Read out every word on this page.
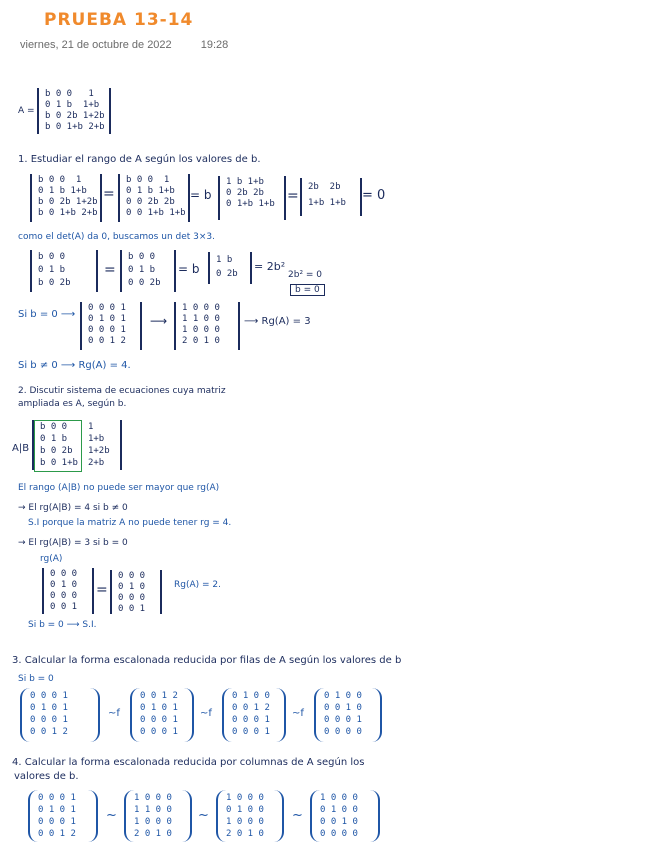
PRUEBA 13-14
viernes, 21 de octubre de 2022	19:28
A =
b 0 0   1
0 1 b  1+b
b 0 2b 1+2b
b 0 1+b 2+b
1. Estudiar el rango de A según los valores de b.
b 0 0  1
0 1 b 1+b
b 0 2b 1+2b
b 0 1+b 2+b
=
b 0 0  1
0 1 b 1+b
0 0 2b 2b
0 0 1+b 1+b
= b
1 b 1+b
0 2b 2b
0 1+b 1+b =
2b  2b
1+b 1+b	= 0
como el det(A) da 0, buscamos un det 3×3.
b 0 0
0 1 b
b 0 2b
=
b 0 0
0 1 b
0 0 2b
= b
1 b
0 2b
= 2b²
2b² = 0
b = 0
Si b = 0 ⟶
0 0 0 1
0 1 0 1
0 0 0 1
0 0 1 2
⟶
1 0 0 0
1 1 0 0
1 0 0 0
2 0 1 0
⟶ Rg(A) = 3
Si b ≠ 0 ⟶ Rg(A) = 4.
2. Discutir sistema de ecuaciones cuya matriz
ampliada es A, según b.
A|B
b 0 0
0 1 b
b 0 2b
b 0 1+b
1
1+b
1+2b
2+b
El rango (A|B) no puede ser mayor que rg(A)
→ El rg(A|B) = 4 si b ≠ 0
S.I porque la matriz A no puede tener rg = 4.
→ El rg(A|B) = 3 si b = 0
rg(A)
0 0 0
0 1 0
0 0 0
0 0 1
=
0 0 0
0 1 0
0 0 0
0 0 1
Rg(A) = 2.
Si b = 0 ⟶ S.I.
3. Calcular la forma escalonada reducida por filas de A según los valores de b
Si b = 0
0 0 0 1
0 1 0 1
0 0 0 1
0 0 1 2
~f
0 0 1 2
0 1 0 1
0 0 0 1
0 0 0 1
~f
0 1 0 0
0 0 1 2
0 0 0 1
0 0 0 1
~f
0 1 0 0
0 0 1 0
0 0 0 1
0 0 0 0
4. Calcular la forma escalonada reducida por columnas de A según los
valores de b.
0 0 0 1
0 1 0 1
0 0 0 1
0 0 1 2
~
1 0 0 0
1 1 0 0
1 0 0 0
2 0 1 0
~
1 0 0 0
0 1 0 0
1 0 0 0
2 0 1 0
~
1 0 0 0
0 1 0 0
0 0 1 0
0 0 0 0
